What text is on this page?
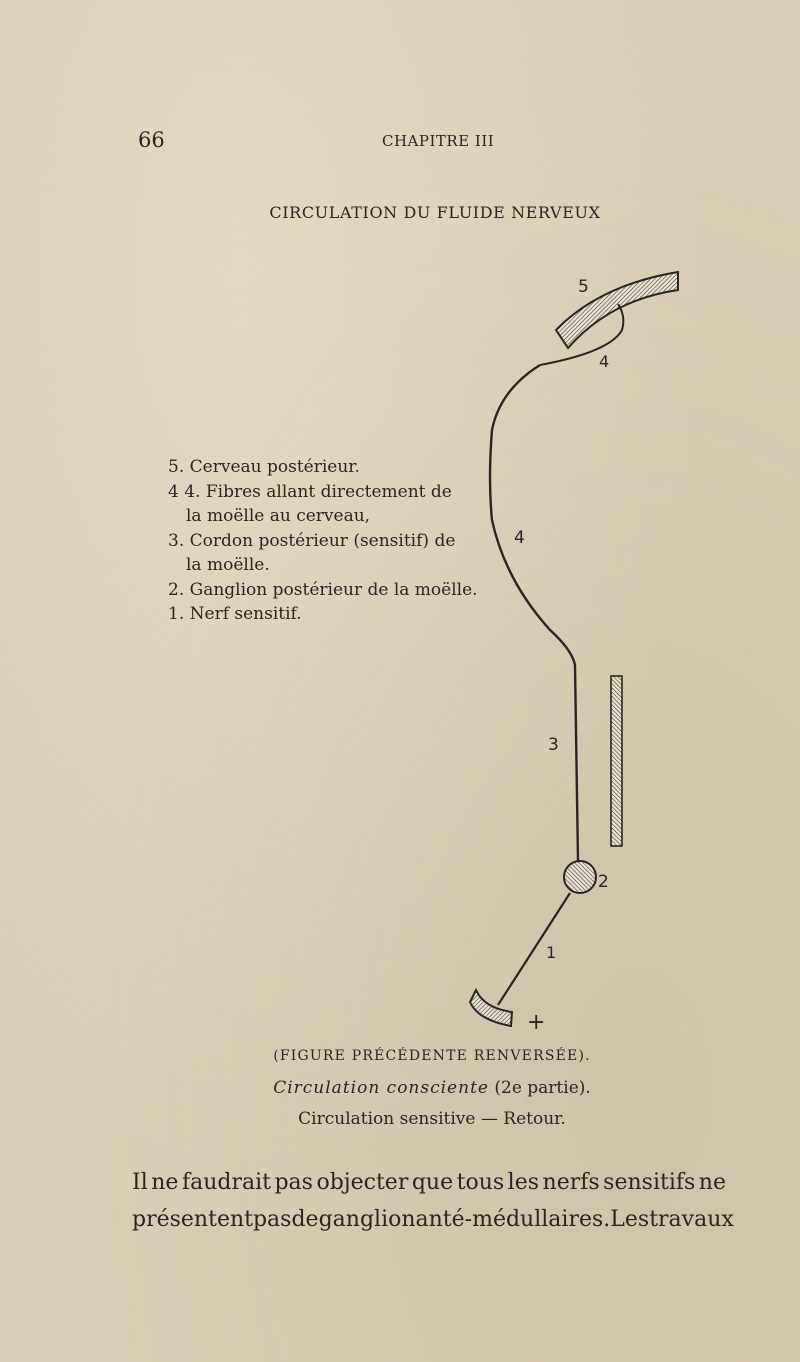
66	CHAPITRE III

CIRCULATION DU FLUIDE NERVEUX

5. Cerveau postérieur.
4 4. Fibres allant directement de
la moëlle au cerveau,
3. Cordon postérieur (sensitif) de
la moëlle.
2. Ganglion postérieur de la moëlle.
1. Nerf sensitif.
5
4
4
3
2
1
+

(FIGURE PRÉCÉDENTE RENVERSÉE).

Circulation consciente (2e partie).

Circulation sensitive — Retour.

Il ne faudrait pas objecter que tous les nerfs sensitifs ne
présentent pas de ganglion anté-médullaires. Les travaux
